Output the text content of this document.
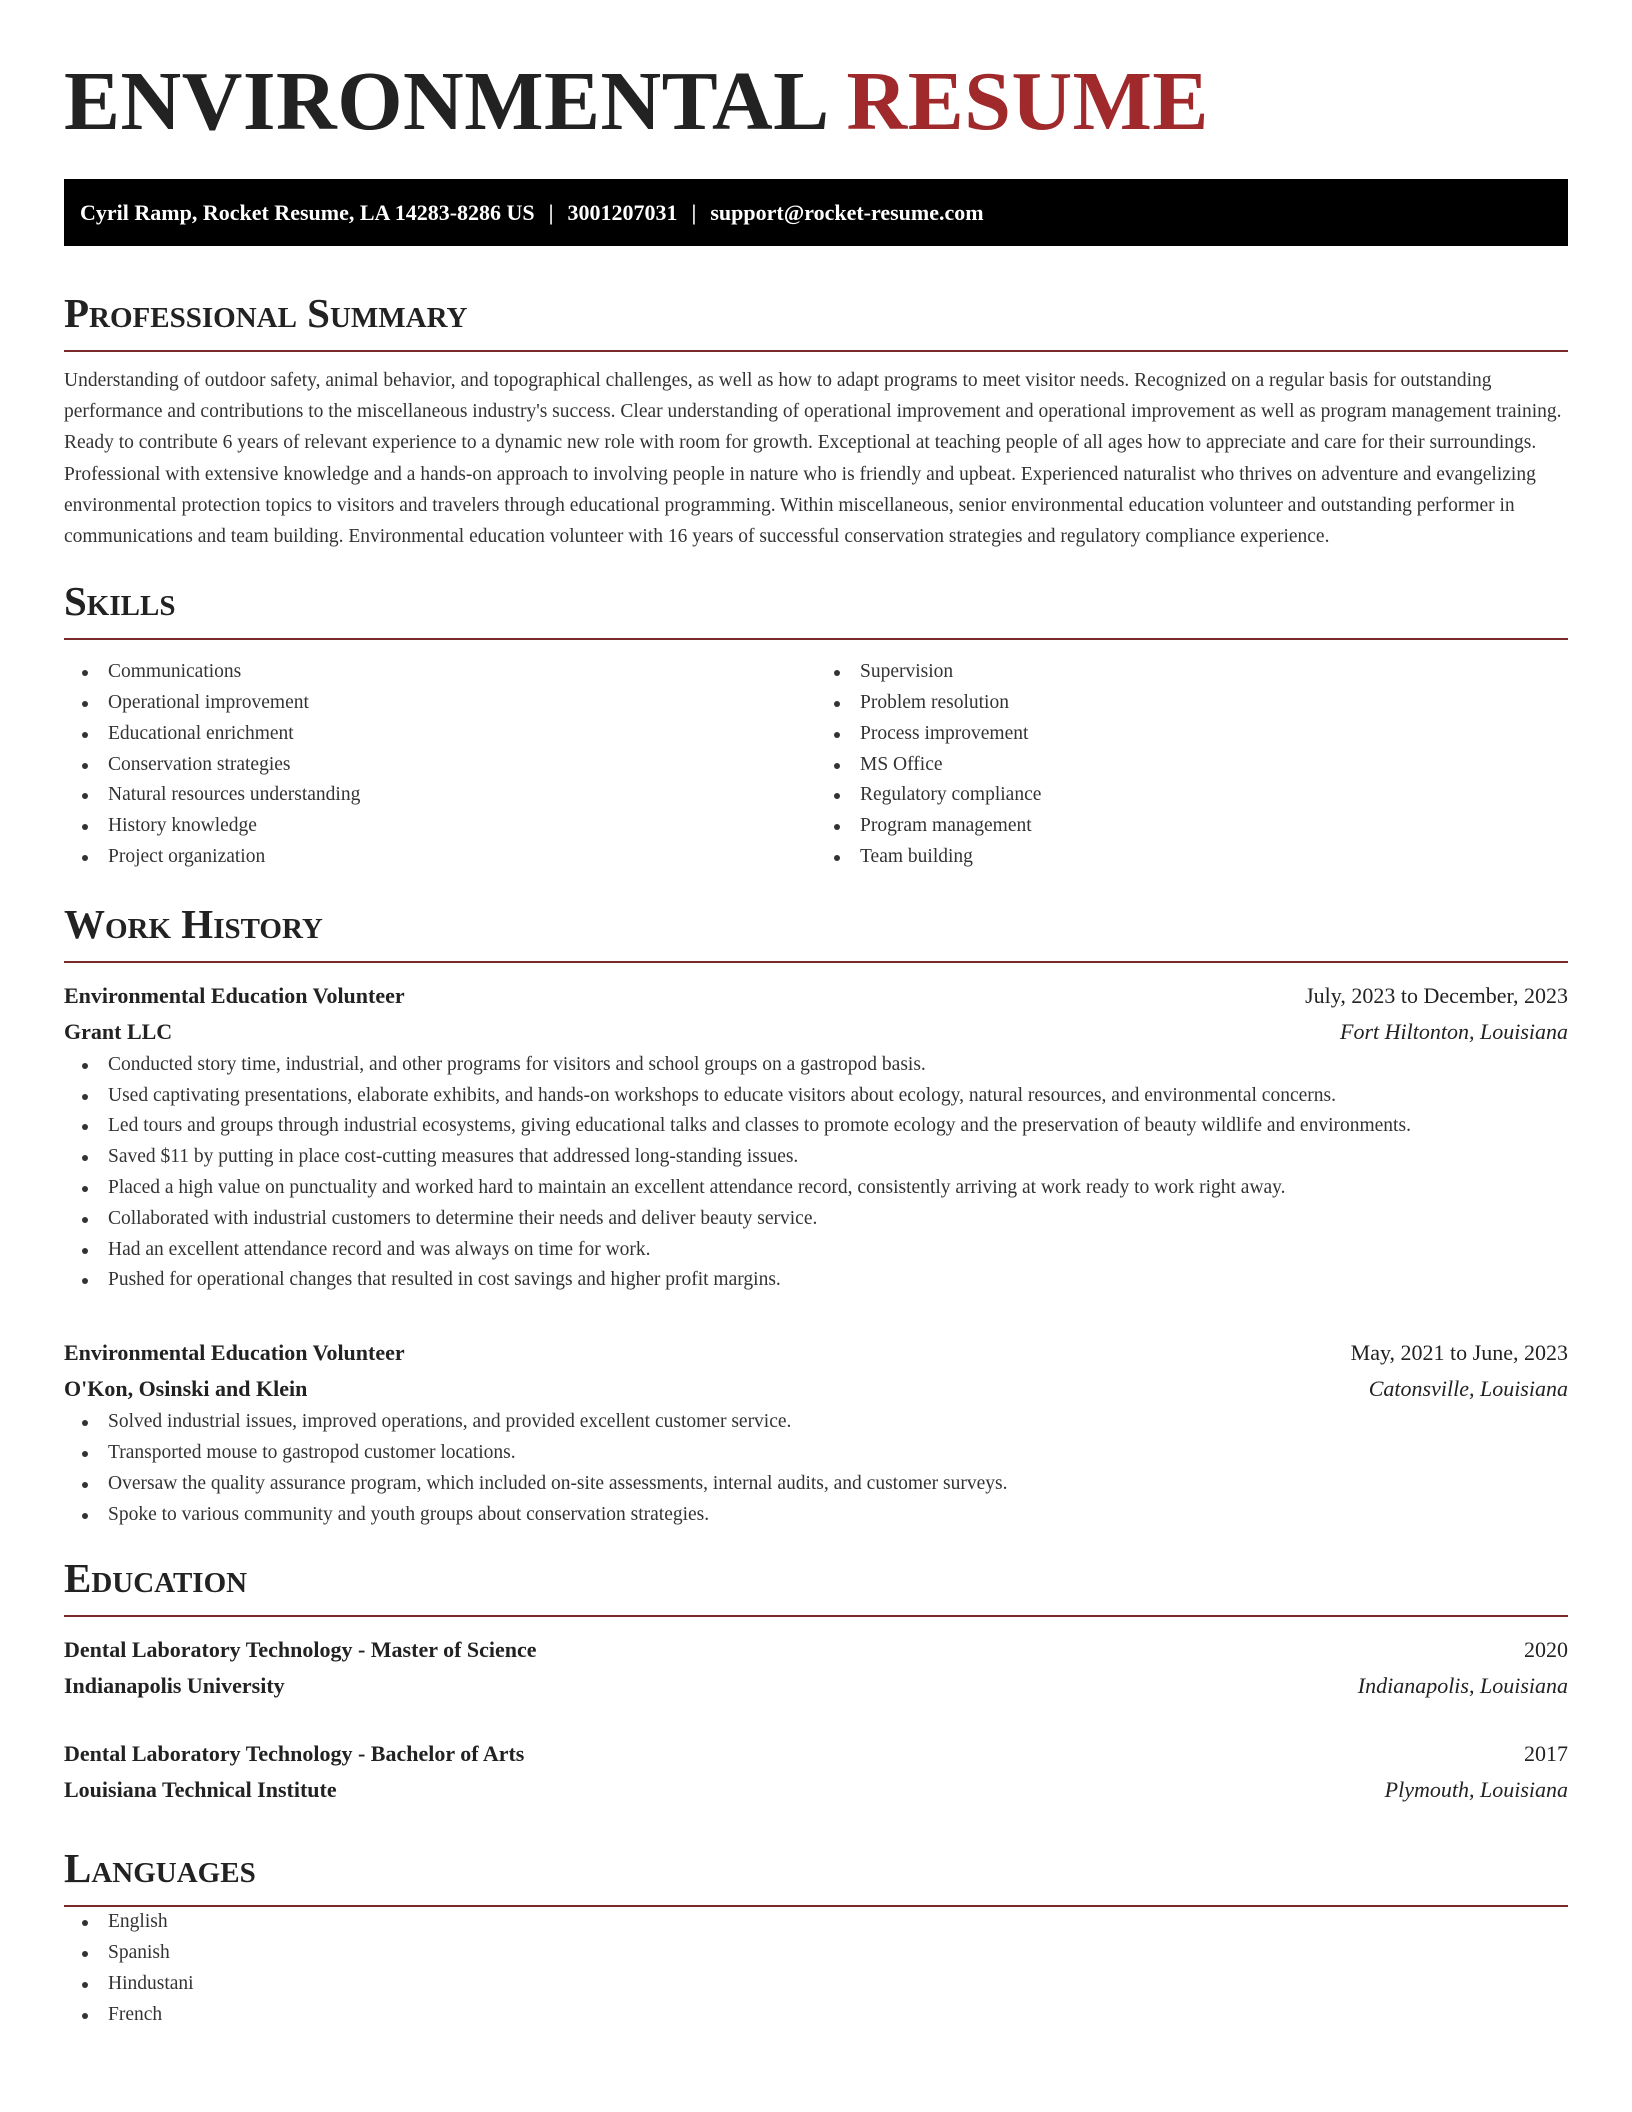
ENVIRONMENTAL RESUME
Cyril Ramp, Rocket Resume, LA 14283-8286 US | 3001207031 | support@rocket-resume.com
Professional Summary

Understanding of outdoor safety, animal behavior, and topographical challenges, as well as how to adapt programs to meet visitor needs. Recognized on a regular basis for outstanding performance and contributions to the miscellaneous industry's success. Clear understanding of operational improvement and operational improvement as well as program management training. Ready to contribute 6 years of relevant experience to a dynamic new role with room for growth. Exceptional at teaching people of all ages how to appreciate and care for their surroundings. Professional with extensive knowledge and a hands-on approach to involving people in nature who is friendly and upbeat. Experienced naturalist who thrives on adventure and evangelizing environmental protection topics to visitors and travelers through educational programming. Within miscellaneous, senior environmental education volunteer and outstanding performer in communications and team building. Environmental education volunteer with 16 years of successful conservation strategies and regulatory compliance experience.

Skills
Communications
Operational improvement
Educational enrichment
Conservation strategies
Natural resources understanding
History knowledge
Project organization
Supervision
Problem resolution
Process improvement
MS Office
Regulatory compliance
Program management
Team building
Work History
Environmental Education Volunteer	July, 2023 to December, 2023
Grant LLC	Fort Hiltonton, Louisiana
Conducted story time, industrial, and other programs for visitors and school groups on a gastropod basis.
Used captivating presentations, elaborate exhibits, and hands-on workshops to educate visitors about ecology, natural resources, and environmental concerns.
Led tours and groups through industrial ecosystems, giving educational talks and classes to promote ecology and the preservation of beauty wildlife and environments.
Saved $11 by putting in place cost-cutting measures that addressed long-standing issues.
Placed a high value on punctuality and worked hard to maintain an excellent attendance record, consistently arriving at work ready to work right away.
Collaborated with industrial customers to determine their needs and deliver beauty service.
Had an excellent attendance record and was always on time for work.
Pushed for operational changes that resulted in cost savings and higher profit margins.
Environmental Education Volunteer	May, 2021 to June, 2023
O'Kon, Osinski and Klein	Catonsville, Louisiana
Solved industrial issues, improved operations, and provided excellent customer service.
Transported mouse to gastropod customer locations.
Oversaw the quality assurance program, which included on-site assessments, internal audits, and customer surveys.
Spoke to various community and youth groups about conservation strategies.
Education
Dental Laboratory Technology - Master of Science	2020
Indianapolis University	Indianapolis, Louisiana
Dental Laboratory Technology - Bachelor of Arts	2017
Louisiana Technical Institute	Plymouth, Louisiana
Languages
English
Spanish
Hindustani
French
